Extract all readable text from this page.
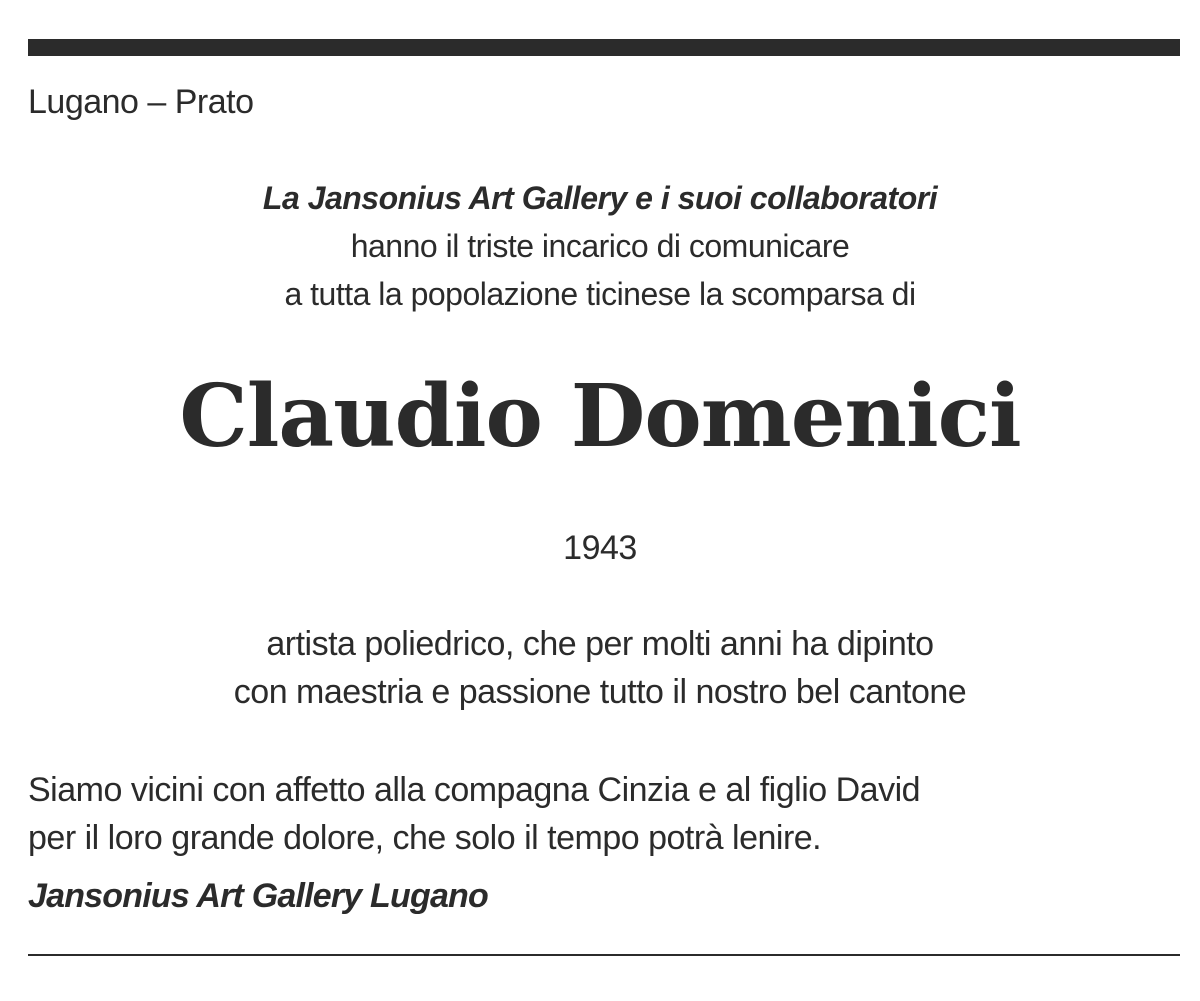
Lugano – Prato
La Jansonius Art Gallery e i suoi collaboratori
hanno il triste incarico di comunicare
a tutta la popolazione ticinese la scomparsa di
Claudio Domenici
1943
artista poliedrico, che per molti anni ha dipinto
con maestria e passione tutto il nostro bel cantone
Siamo vicini con affetto alla compagna Cinzia e al figlio David
per il loro grande dolore, che solo il tempo potrà lenire.
Jansonius Art Gallery Lugano
